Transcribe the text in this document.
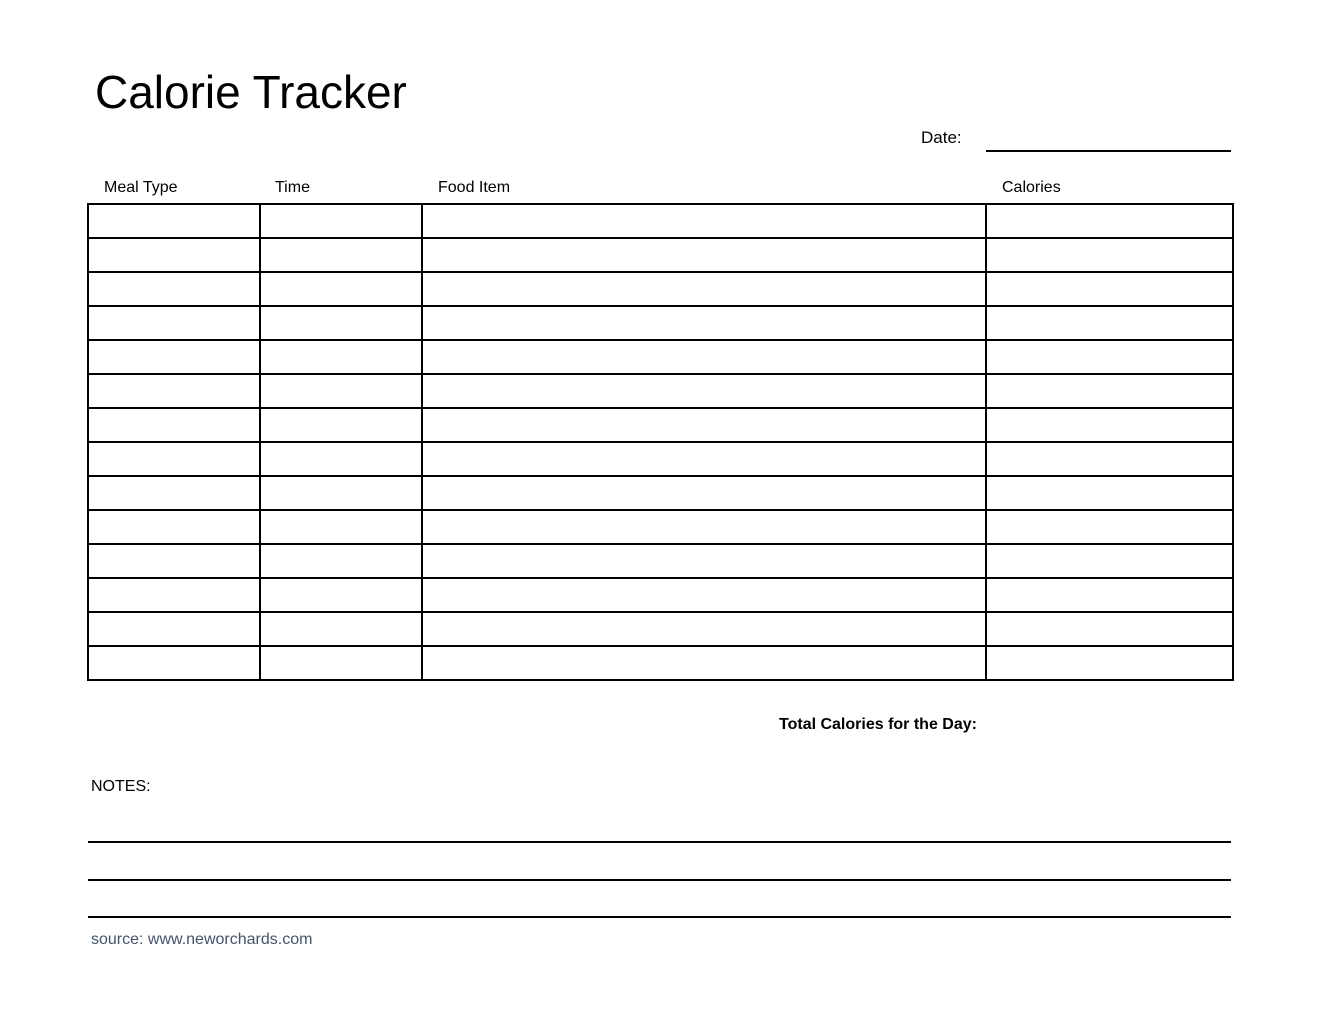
Calorie Tracker
Date:
Meal Type	Time	Food Item	Calories

Total Calories for the Day:
NOTES:
source: www.neworchards.com
